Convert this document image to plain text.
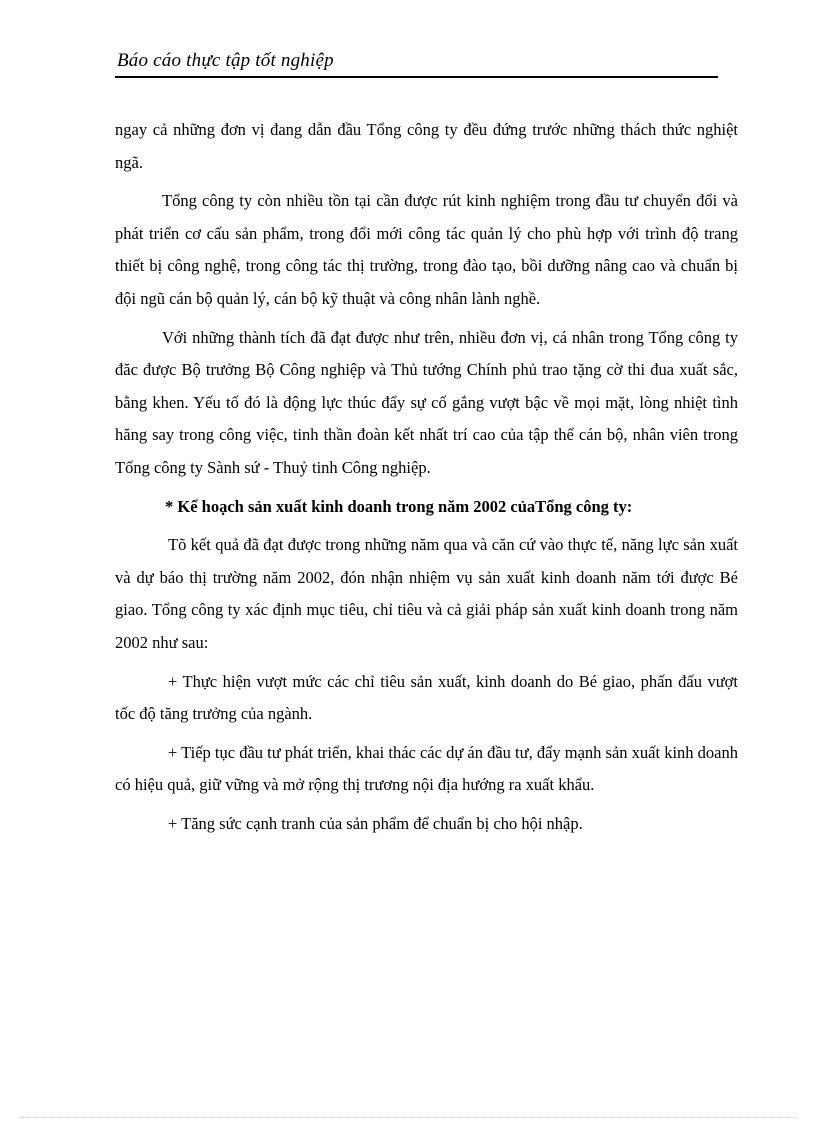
Báo cáo thực tập tốt nghiệp

ngay cả những đơn vị đang dẫn đầu Tổng công ty đều đứng trước những thách thức nghiệt ngã.

Tổng công ty còn nhiều tồn tại cần được rút kinh nghiệm trong đầu tư chuyển đổi và phát triển cơ cấu sản phẩm, trong đổi mới công tác quản lý cho phù hợp với trình độ trang thiết bị công nghệ, trong công tác thị trường, trong đào tạo, bồi dưỡng nâng cao và chuẩn bị đội ngũ cán bộ quản lý, cán bộ kỹ thuật và công nhân lành nghề.

Với những thành tích đã đạt được như trên, nhiều đơn vị, cá nhân trong Tổng công ty đăc được Bộ trưởng Bộ Công nghiệp và Thủ tướng Chính phủ trao tặng cờ thi đua xuất sắc, bằng khen. Yếu tố đó là động lực thúc đẩy sự cố gắng vượt bậc về mọi mặt, lòng nhiệt tình hăng say trong công việc, tinh thần đoàn kết nhất trí cao của tập thể cán bộ, nhân viên trong Tổng công ty Sành sứ - Thuỷ tinh Công nghiệp.

* Kế hoạch sản xuất kinh doanh trong năm 2002 củaTổng công ty:

Tõ kết quả đã đạt được trong những năm qua và căn cứ vào thực tế, năng lực sản xuất và dự báo thị trường năm 2002, đón nhận nhiệm vụ sản xuất kinh doanh năm tới được Bé giao. Tổng công ty xác định mục tiêu, chỉ tiêu và cả giải pháp sản xuất kinh doanh trong năm 2002 như sau:

+ Thực hiện vượt mức các chỉ tiêu sản xuất, kinh doanh do Bé giao, phấn đấu vượt tốc độ tăng trưởng của ngành.

+ Tiếp tục đầu tư phát triển, khai thác các dự án đầu tư, đẩy mạnh sản xuất kinh doanh có hiệu quả, giữ vững và mở rộng thị trương nội địa hướng ra xuất khẩu.

+ Tăng sức cạnh tranh của sản phẩm để chuẩn bị cho hội nhập.
